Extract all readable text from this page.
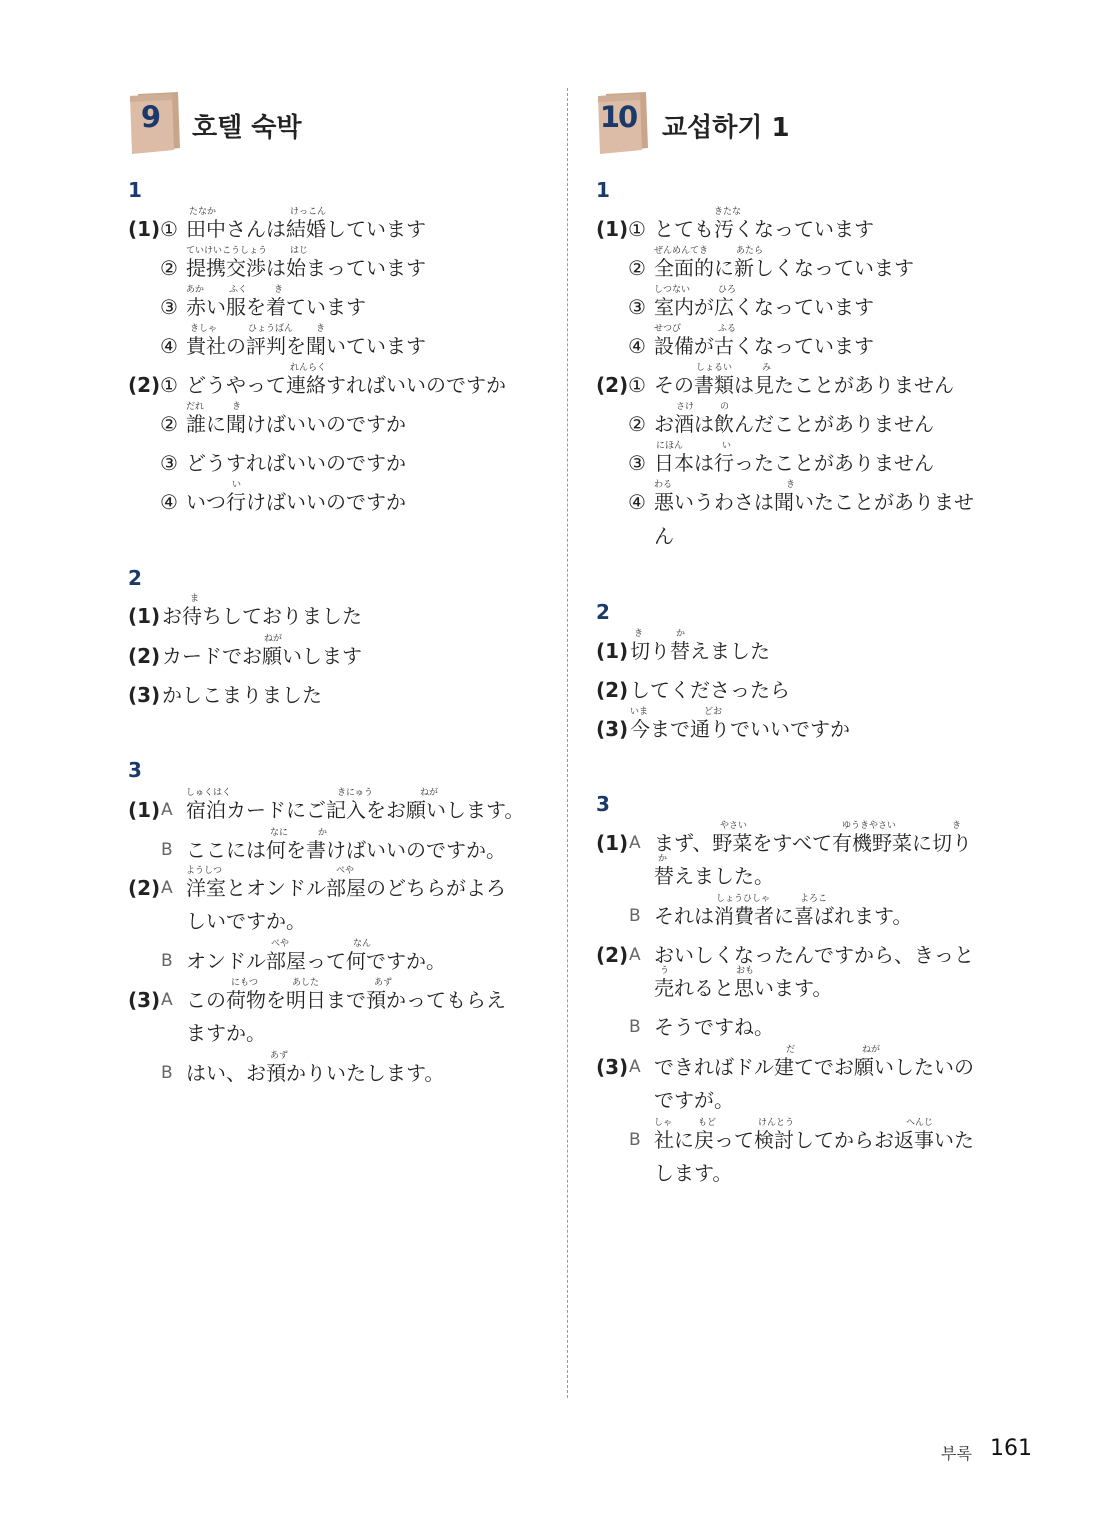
9	호텔 숙박
1
(1) ① 田中さんは結婚しています
たなか	けっこん
② 提携交渉は始まっています
ていけいこうしょう	はじ
③ 赤い服を着ています
あか	ふく	き
④ 貴社の評判を聞いています
きしゃ	ひょうばん	き
(2) ① どうやって連絡すればいいのですか
れんらく
② 誰に聞けばいいのですか
だれ	き
③ どうすればいいのですか
④ いつ行けばいいのですか
い
2
(1) お待ちしておりました
ま
(2) カードでお願いします
ねが
(3) かしこまりました
3
(1) A 宿泊カードにご記入をお願いします。
しゅくはく	きにゅう	ねが
B ここには何を書けばいいのですか。
なに	か
(2) A 洋室とオンドル部屋のどちらがよろ
ようしつ	べや
しいですか。
B オンドル部屋って何ですか。
べや	なん
(3) A この荷物を明日まで預かってもらえ
にもつ	あした	あず
ますか。
B はい、お預かりいたします。
あず
10 교섭하기 1
1
(1) ① とても汚くなっています
きたな
② 全面的に新しくなっています
ぜんめんてき	あたら
③ 室内が広くなっています
しつない	ひろ
④ 設備が古くなっています
せつび	ふる
(2) ① その書類は見たことがありません
しょるい	み
② お酒は飲んだことがありません
さけ	の
③ 日本は行ったことがありません
にほん	い
④ 悪いうわさは聞いたことがありませ
わる	き
ん
2
(1) 切り替えました
き	か
(2) してくださったら
(3) 今まで通りでいいですか
いま	どお
3
(1) A まず、野菜をすべて有機野菜に切り
やさい	ゆうきやさい	き
替えました。
か
B それは消費者に喜ばれます。
しょうひしゃ	よろこ
(2) A おいしくなったんですから、きっと
売れると思います。
う	おも
B そうですね。
(3) A できればドル建てでお願いしたいの
だ	ねが
ですが。
B 社に戻って検討してからお返事いた
しゃ	もど	けんとう	へんじ
します。
부록 161
